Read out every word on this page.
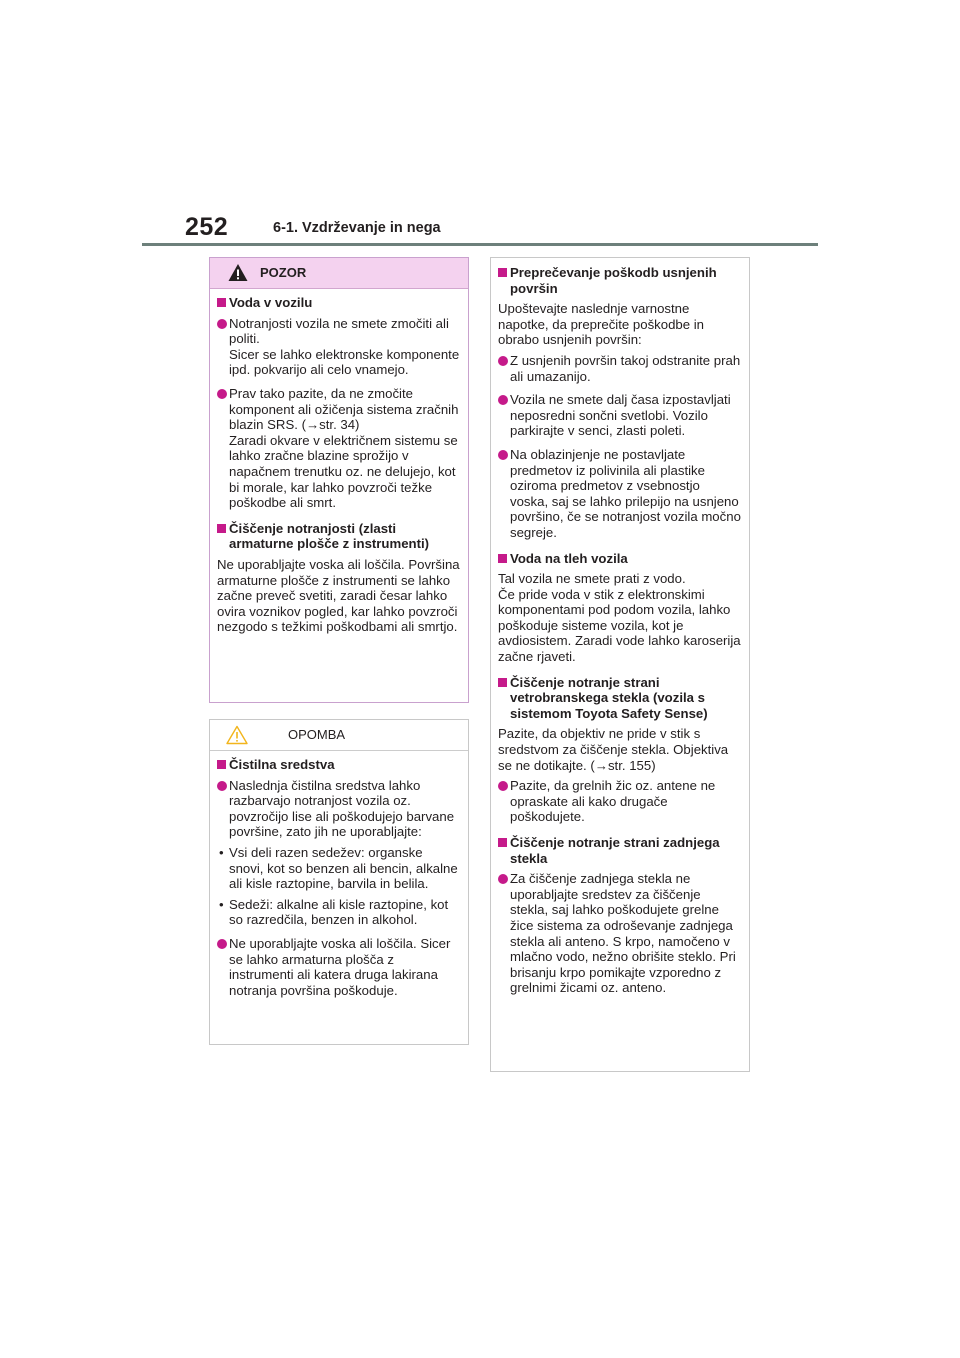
252	6-1. Vzdrževanje in nega
POZOR
Voda v vozilu
Notranjosti vozila ne smete zmočiti ali politi.
Sicer se lahko elektronske komponente ipd. pokvarijo ali celo vnamejo.
Prav tako pazite, da ne zmočite komponent ali ožičenja sistema zračnih blazin SRS. (→str. 34)
Zaradi okvare v električnem sistemu se lahko zračne blazine sprožijo v napačnem trenutku oz. ne delujejo, kot bi morale, kar lahko povzroči težke poškodbe ali smrt.
Čiščenje notranjosti (zlasti armaturne plošče z instrumenti)
Ne uporabljajte voska ali loščila. Površina armaturne plošče z instrumenti se lahko začne preveč svetiti, zaradi česar lahko ovira voznikov pogled, kar lahko povzroči nezgodo s težkimi poškodbami ali smrtjo.
OPOMBA
Čistilna sredstva
Naslednja čistilna sredstva lahko razbarvajo notranjost vozila oz. povzročijo lise ali poškodujejo barvane površine, zato jih ne uporabljajte:
• Vsi deli razen sedežev: organske snovi, kot so benzen ali bencin, alkalne ali kisle raztopine, barvila in belila.
• Sedeži: alkalne ali kisle raztopine, kot so razredčila, benzen in alkohol.
Ne uporabljajte voska ali loščila. Sicer se lahko armaturna plošča z instrumenti ali katera druga lakirana notranja površina poškoduje.
Preprečevanje poškodb usnjenih površin
Upoštevajte naslednje varnostne napotke, da preprečite poškodbe in obrabo usnjenih površin:
Z usnjenih površin takoj odstranite prah ali umazanijo.
Vozila ne smete dalj časa izpostavljati neposredni sončni svetlobi. Vozilo parkirajte v senci, zlasti poleti.
Na oblazinjenje ne postavljate predmetov iz polivinila ali plastike oziroma predmetov z vsebnostjo voska, saj se lahko prilepijo na usnjeno površino, če se notranjost vozila močno segreje.
Voda na tleh vozila
Tal vozila ne smete prati z vodo.
Če pride voda v stik z elektronskimi komponentami pod podom vozila, lahko poškoduje sisteme vozila, kot je avdiosistem. Zaradi vode lahko karoserija začne rjaveti.
Čiščenje notranje strani vetrobranskega stekla (vozila s sistemom Toyota Safety Sense)
Pazite, da objektiv ne pride v stik s sredstvom za čiščenje stekla. Objektiva se ne dotikajte. (→str. 155)
Pazite, da grelnih žic oz. antene ne opraskate ali kako drugače poškodujete.
Čiščenje notranje strani zadnjega stekla
Za čiščenje zadnjega stekla ne uporabljajte sredstev za čiščenje stekla, saj lahko poškodujete grelne žice sistema za odroševanje zadnjega stekla ali anteno. S krpo, namočeno v mlačno vodo, nežno obrišite steklo. Pri brisanju krpo pomikajte vzporedno z grelnimi žicami oz. anteno.
